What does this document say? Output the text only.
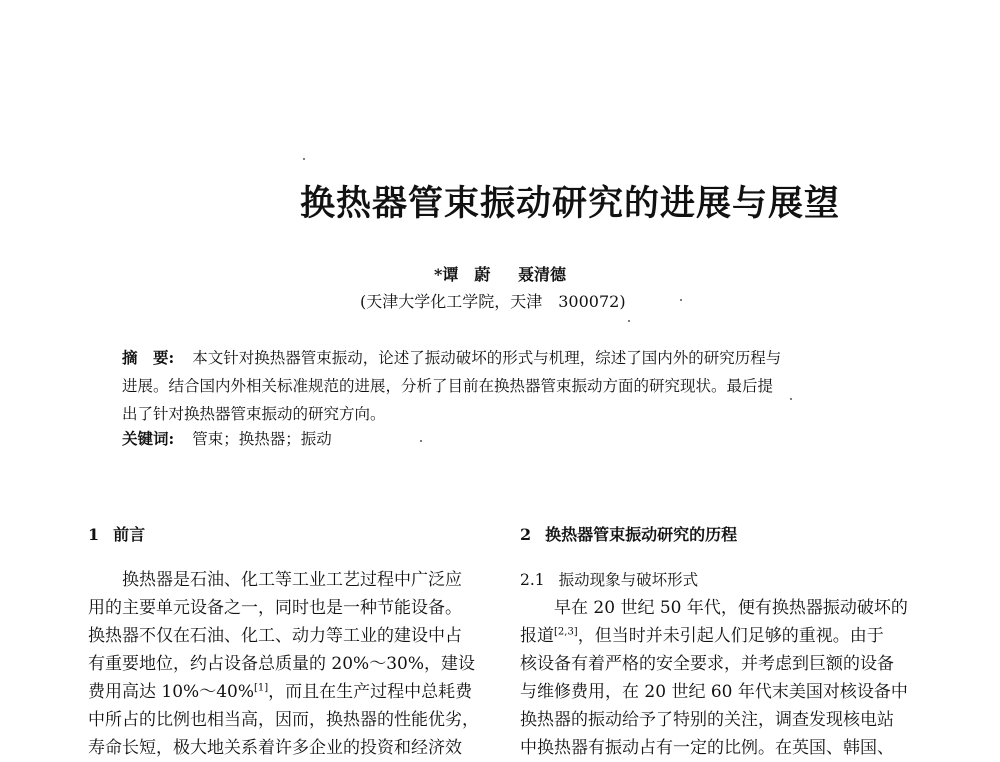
换热器管束振动研究的进展与展望
*谭　蔚 聂清德
(天津大学化工学院，天津　300072)
摘　要: 本文针对换热器管束振动，论述了振动破坏的形式与机理，综述了国内外的研究历程与
进展。结合国内外相关标准规范的进展，分析了目前在换热器管束振动方面的研究现状。最后提
出了针对换热器管束振动的研究方向。
关键词: 管束；换热器；振动
1 前言
换热器是石油、化工等工业工艺过程中广泛应
用的主要单元设备之一，同时也是一种节能设备。
换热器不仅在石油、化工、动力等工业的建设中占
有重要地位，约占设备总质量的 20%～30%，建设
费用高达 10%～40%[1]，而且在生产过程中总耗费
中所占的比例也相当高，因而，换热器的性能优劣，
寿命长短，极大地关系着许多企业的投资和经济效
2 换热器管束振动研究的历程
2.1 振动现象与破坏形式
早在 20 世纪 50 年代，便有换热器振动破坏的
报道[2,3]，但当时并未引起人们足够的重视。由于
核设备有着严格的安全要求，并考虑到巨额的设备
与维修费用，在 20 世纪 60 年代末美国对核设备中
换热器的振动给予了特别的关注，调查发现核电站
中换热器有振动占有一定的比例。在英国、韩国、
